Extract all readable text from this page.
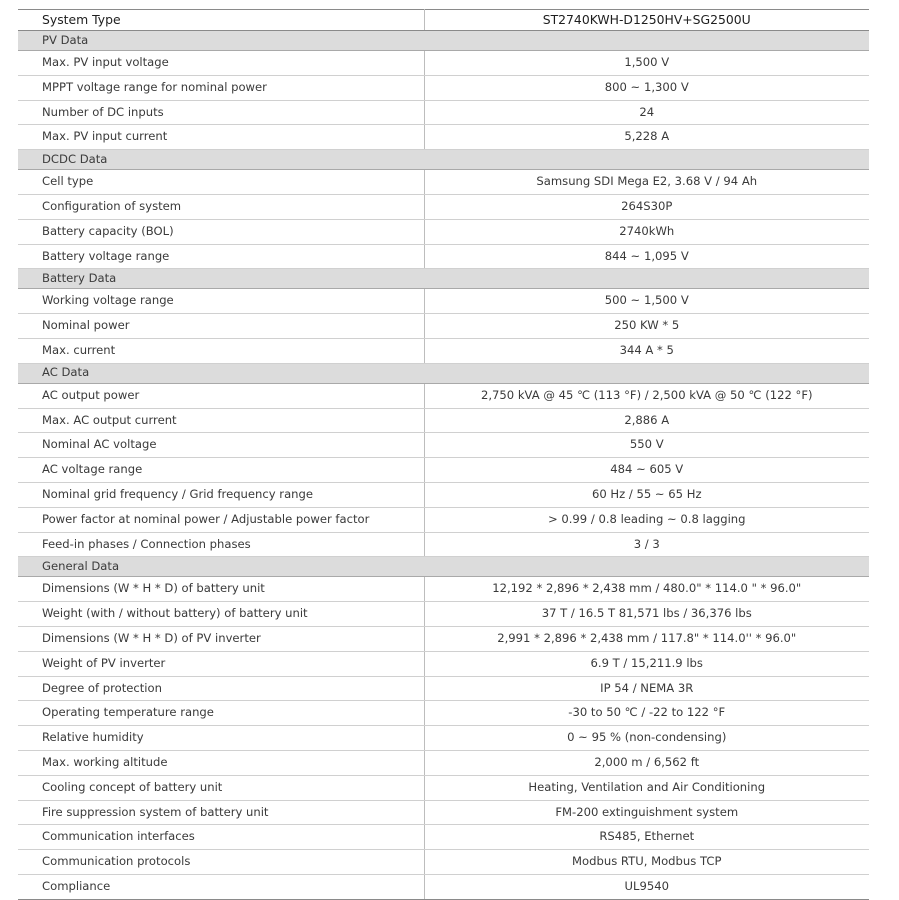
System Type	ST2740KWH-D1250HV+SG2500U
PV Data	
Max. PV input voltage	1,500 V
MPPT voltage range for nominal power	800 ~ 1,300 V
Number of DC inputs	24
Max. PV input current	5,228 A
DCDC Data	
Cell type	Samsung SDI Mega E2, 3.68 V / 94 Ah
Configuration of system	264S30P
Battery capacity (BOL)	2740kWh
Battery voltage range	844 ~ 1,095 V
Battery Data	
Working voltage range	500 ~ 1,500 V
Nominal power	250 KW * 5
Max. current	344 A * 5
AC Data	
AC output power	2,750 kVA @ 45 ℃ (113 °F) / 2,500 kVA @ 50 ℃ (122 °F)
Max. AC output current	2,886 A
Nominal AC voltage	550 V
AC voltage range	484 ~ 605 V
Nominal grid frequency / Grid frequency range	60 Hz / 55 ~ 65 Hz
Power factor at nominal power / Adjustable power factor	> 0.99 / 0.8 leading ~ 0.8 lagging
Feed-in phases / Connection phases	3 / 3
General Data	
Dimensions (W * H * D) of battery unit	12,192 * 2,896 * 2,438 mm / 480.0" * 114.0 " * 96.0"
Weight (with / without battery) of battery unit	37 T / 16.5 T 81,571 lbs / 36,376 lbs
Dimensions (W * H * D) of PV inverter	2,991 * 2,896 * 2,438 mm / 117.8" * 114.0'' * 96.0"
Weight of PV inverter	6.9 T / 15,211.9 lbs
Degree of protection	IP 54 / NEMA 3R
Operating temperature range	-30 to 50 ℃ / -22 to 122 °F
Relative humidity	0 ~ 95 % (non-condensing)
Max. working altitude	2,000 m / 6,562 ft
Cooling concept of battery unit	Heating, Ventilation and Air Conditioning
Fire suppression system of battery unit	FM-200 extinguishment system
Communication interfaces	RS485, Ethernet
Communication protocols	Modbus RTU, Modbus TCP
Compliance	UL9540
